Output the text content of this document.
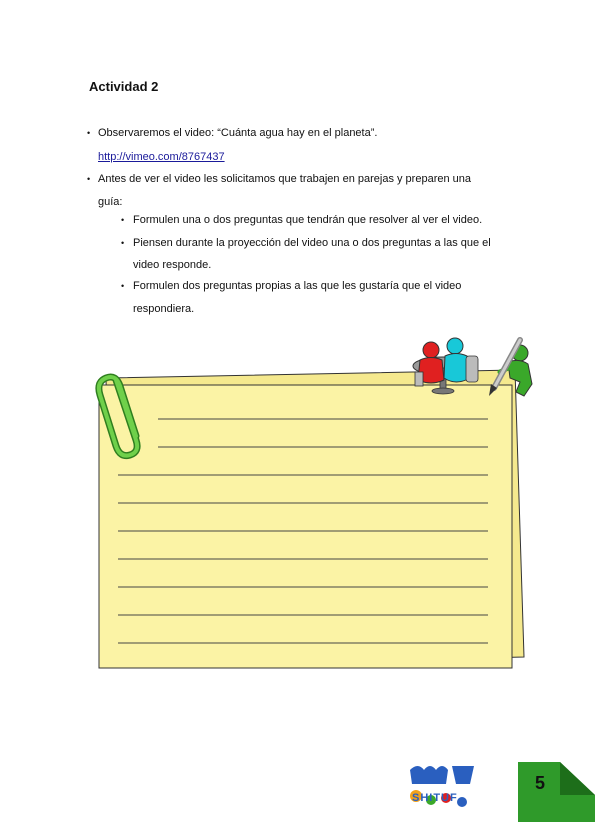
Actividad 2
• Observaremos el video: “Cuánta agua hay en el planeta”.
http://vimeo.com/8767437
• Antes de ver el video les solicitamos que trabajen en parejas y preparen una
guía:
• Formulen una o dos preguntas que tendrán que resolver al ver el video.
• Piensen durante la proyección del video una o dos preguntas a las que el
video responde.
• Formulen dos preguntas propias a las que les gustaría que el video
respondiera.
5
SHITUF
